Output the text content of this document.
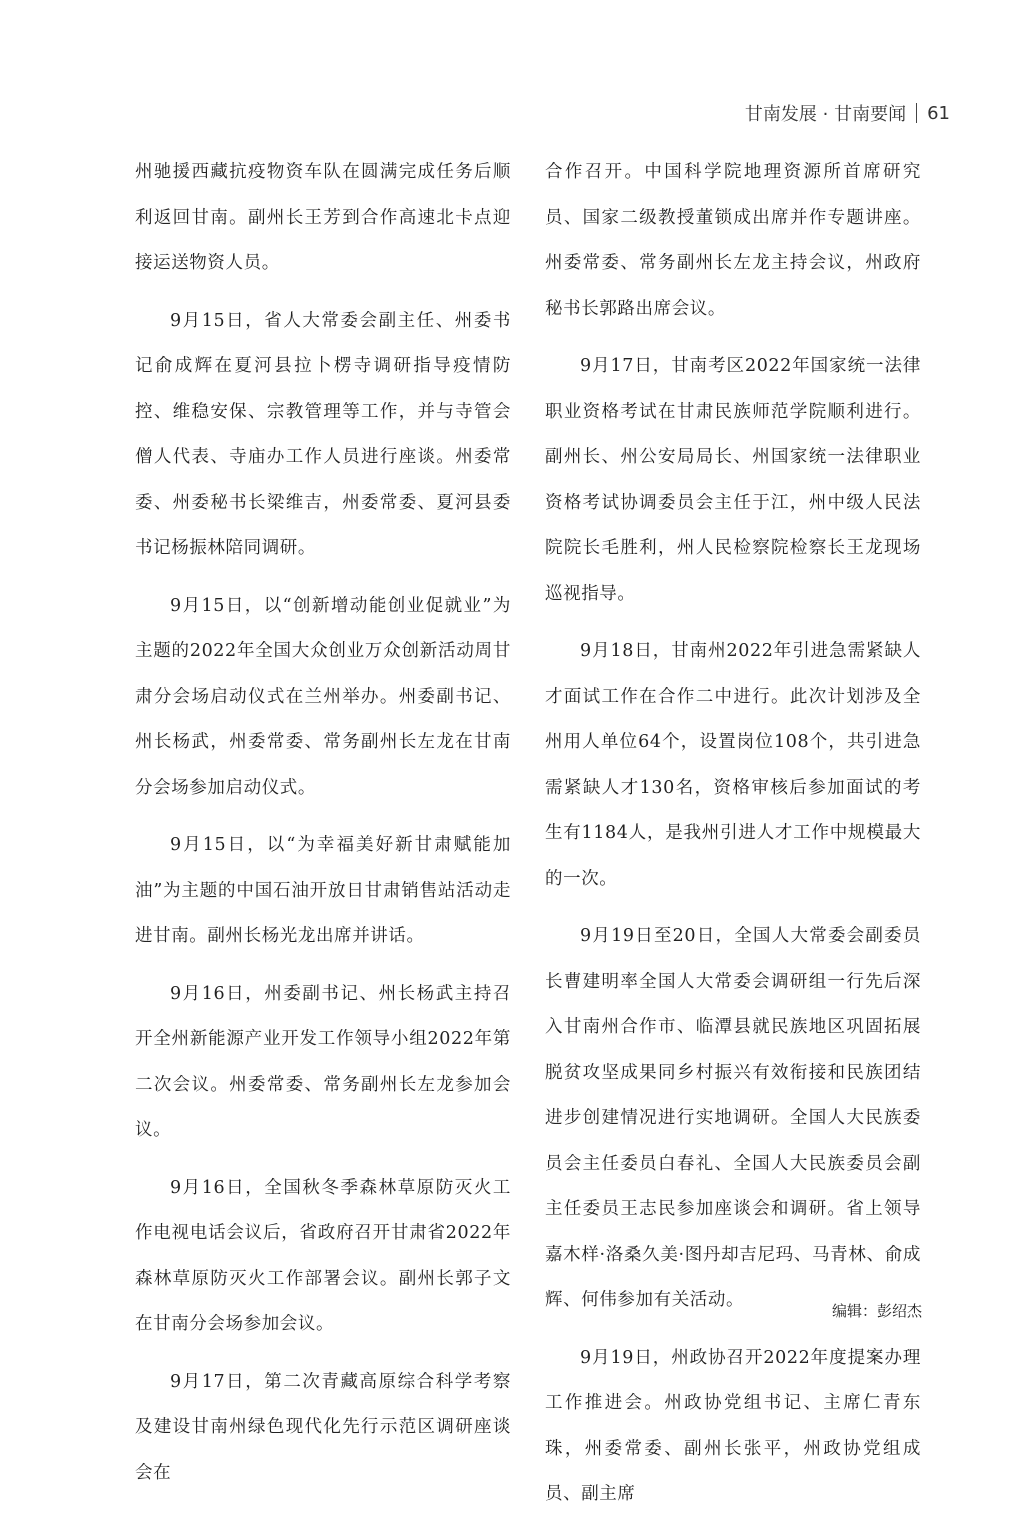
甘南发展 · 甘南要闻 61

州驰援西藏抗疫物资车队在圆满完成任务后顺利返回甘南。副州长王芳到合作高速北卡点迎接运送物资人员。

9月15日，省人大常委会副主任、州委书记俞成辉在夏河县拉卜楞寺调研指导疫情防控、维稳安保、宗教管理等工作，并与寺管会僧人代表、寺庙办工作人员进行座谈。州委常委、州委秘书长梁维吉，州委常委、夏河县委书记杨振林陪同调研。

9月15日，以“创新增动能创业促就业”为主题的2022年全国大众创业万众创新活动周甘肃分会场启动仪式在兰州举办。州委副书记、州长杨武，州委常委、常务副州长左龙在甘南分会场参加启动仪式。

9月15日，以“为幸福美好新甘肃赋能加油”为主题的中国石油开放日甘肃销售站活动走进甘南。副州长杨光龙出席并讲话。

9月16日，州委副书记、州长杨武主持召开全州新能源产业开发工作领导小组2022年第二次会议。州委常委、常务副州长左龙参加会议。

9月16日，全国秋冬季森林草原防灭火工作电视电话会议后，省政府召开甘肃省2022年森林草原防灭火工作部署会议。副州长郭子文在甘南分会场参加会议。

9月17日，第二次青藏高原综合科学考察及建设甘南州绿色现代化先行示范区调研座谈会在

合作召开。中国科学院地理资源所首席研究员、国家二级教授董锁成出席并作专题讲座。州委常委、常务副州长左龙主持会议，州政府秘书长郭路出席会议。

9月17日，甘南考区2022年国家统一法律职业资格考试在甘肃民族师范学院顺利进行。副州长、州公安局局长、州国家统一法律职业资格考试协调委员会主任于江，州中级人民法院院长毛胜利，州人民检察院检察长王龙现场巡视指导。

9月18日，甘南州2022年引进急需紧缺人才面试工作在合作二中进行。此次计划涉及全州用人单位64个，设置岗位108个，共引进急需紧缺人才130名，资格审核后参加面试的考生有1184人，是我州引进人才工作中规模最大的一次。

9月19日至20日，全国人大常委会副委员长曹建明率全国人大常委会调研组一行先后深入甘南州合作市、临潭县就民族地区巩固拓展脱贫攻坚成果同乡村振兴有效衔接和民族团结进步创建情况进行实地调研。全国人大民族委员会主任委员白春礼、全国人大民族委员会副主任委员王志民参加座谈会和调研。省上领导嘉木样·洛桑久美·图丹却吉尼玛、马青林、俞成辉、何伟参加有关活动。

9月19日，州政协召开2022年度提案办理工作推进会。州政协党组书记、主席仁青东珠，州委常委、副州长张平，州政协党组成员、副主席

编辑：彭绍杰
